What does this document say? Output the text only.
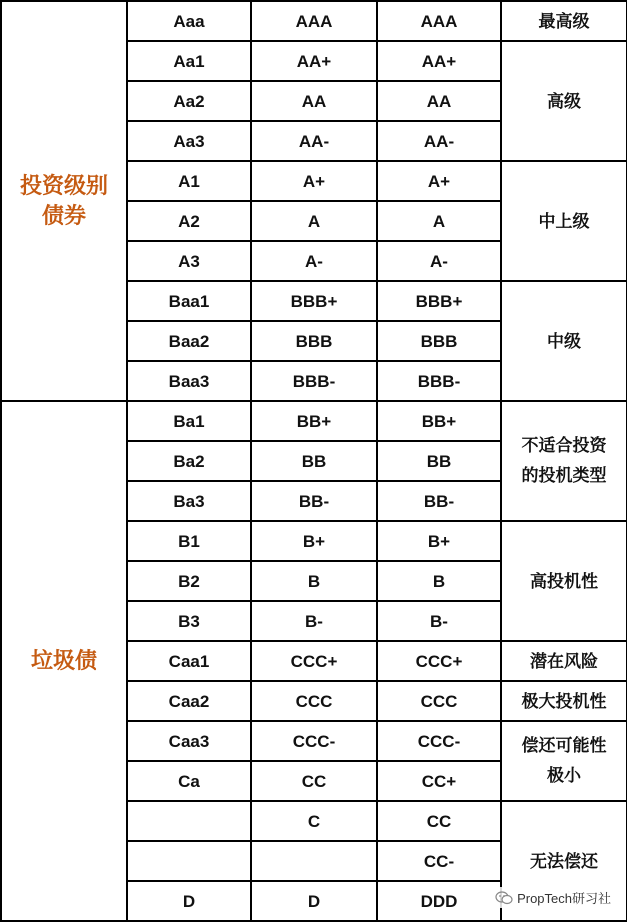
投资级别
债券	Aaa	AAA	AAA	最高级
	Aa1	AA+	AA+	高级
	Aa2	AA	AA	
	Aa3	AA-	AA-	
	A1	A+	A+	中上级
	A2	A	A	
	A3	A-	A-	
	Baa1	BBB+	BBB+	中级
	Baa2	BBB	BBB	
	Baa3	BBB-	BBB-	
垃圾债	Ba1	BB+	BB+	不适合投资
的投机类型
	Ba2	BB	BB	
	Ba3	BB-	BB-	
	B1	B+	B+	高投机性
	B2	B	B	
	B3	B-	B-	
	Caa1	CCC+	CCC+	潜在风险
	Caa2	CCC	CCC	极大投机性
	Caa3	CCC-	CCC-	偿还可能性
极小
	Ca	CC	CC+	
		C	CC	无法偿还
			CC-	
	D	D	DDD		PropTech研习社
